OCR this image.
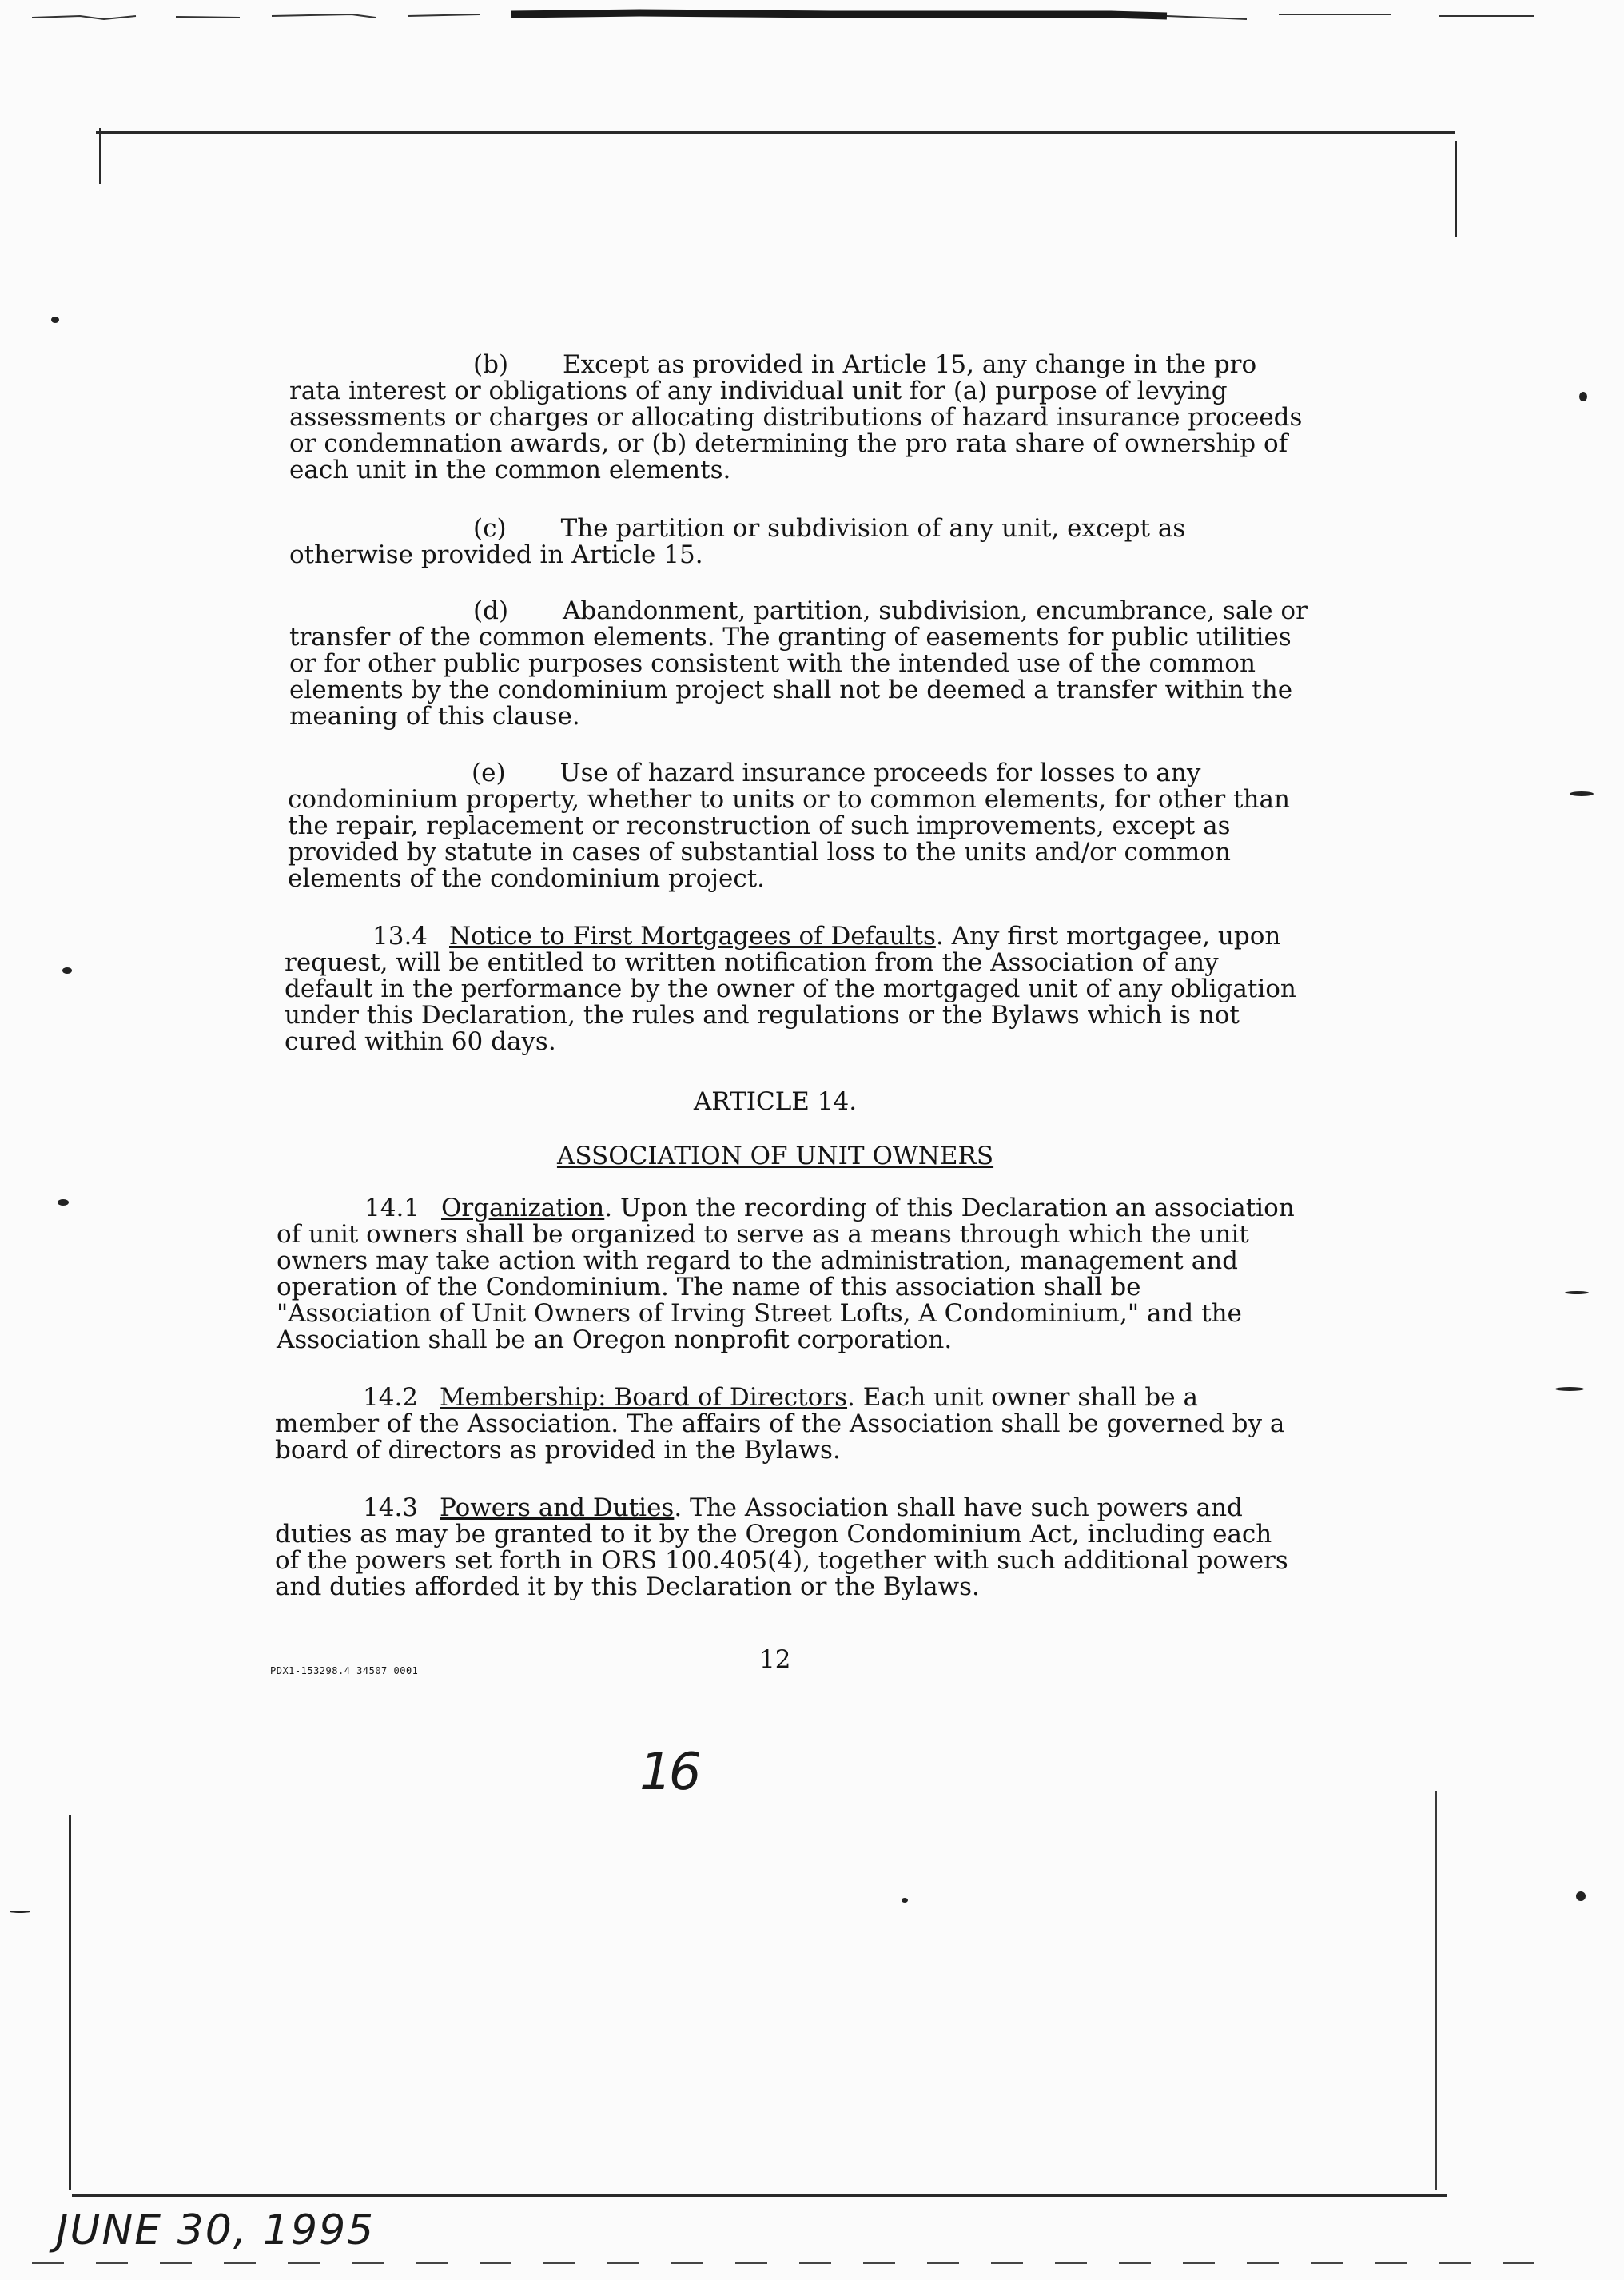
(b) Except as provided in Article 15, any change in the pro rata interest or obligations of any individual unit for (a) purpose of levying assessments or charges or allocating distributions of hazard insurance proceeds or condemnation awards, or (b) determining the pro rata share of ownership of each unit in the common elements.
(c) The partition or subdivision of any unit, except as otherwise provided in Article 15.
(d) Abandonment, partition, subdivision, encumbrance, sale or transfer of the common elements. The granting of easements for public utilities or for other public purposes consistent with the intended use of the common elements by the condominium project shall not be deemed a transfer within the meaning of this clause.
(e) Use of hazard insurance proceeds for losses to any condominium property, whether to units or to common elements, for other than the repair, replacement or reconstruction of such improvements, except as provided by statute in cases of substantial loss to the units and/or common elements of the condominium project.
13.4 Notice to First Mortgagees of Defaults. Any first mortgagee, upon request, will be entitled to written notification from the Association of any default in the performance by the owner of the mortgaged unit of any obligation under this Declaration, the rules and regulations or the Bylaws which is not cured within 60 days.
ARTICLE 14.
ASSOCIATION OF UNIT OWNERS
14.1 Organization. Upon the recording of this Declaration an association of unit owners shall be organized to serve as a means through which the unit owners may take action with regard to the administration, management and operation of the Condominium. The name of this association shall be "Association of Unit Owners of Irving Street Lofts, A Condominium," and the Association shall be an Oregon nonprofit corporation.
14.2 Membership: Board of Directors. Each unit owner shall be a member of the Association. The affairs of the Association shall be governed by a board of directors as provided in the Bylaws.
14.3 Powers and Duties. The Association shall have such powers and duties as may be granted to it by the Oregon Condominium Act, including each of the powers set forth in ORS 100.405(4), together with such additional powers and duties afforded it by this Declaration or the Bylaws.
PDX1-153298.4 34507 0001	12
16
JUNE 30, 1995
